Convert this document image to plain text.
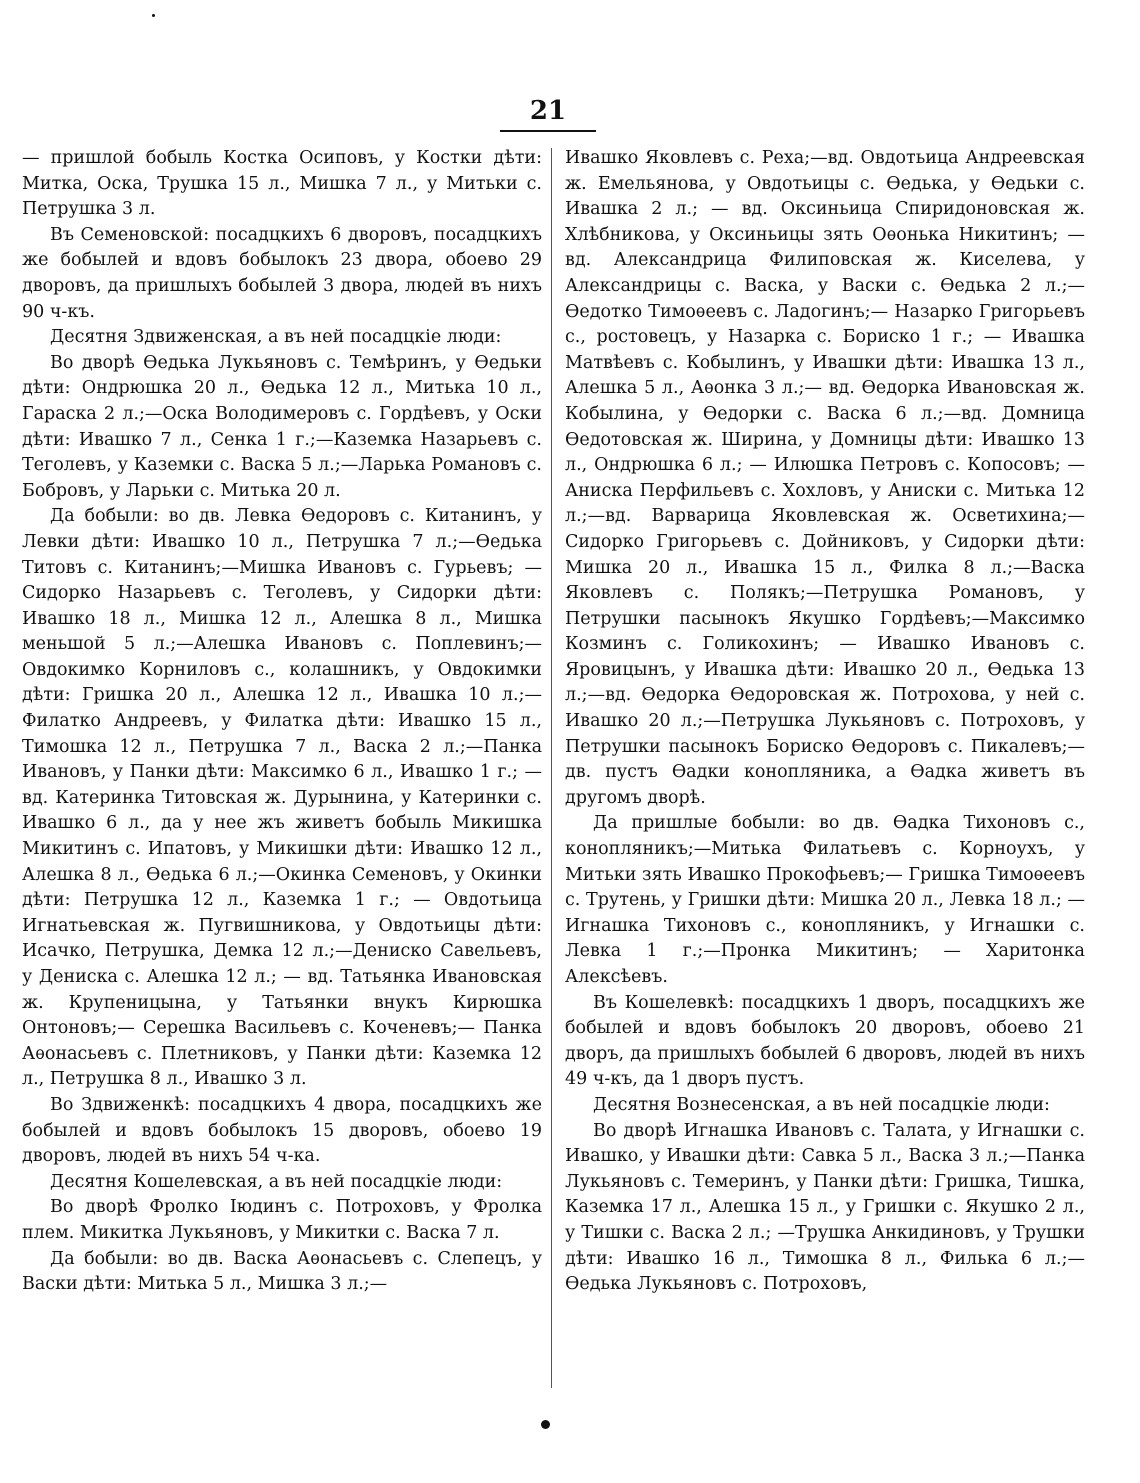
21

— пришлой бобыль Костка Осиповъ, у Костки дѣти: Митка, Оска, Трушка 15 л., Мишка 7 л., у Митьки с. Петрушка 3 л.

Въ Семеновской: посадцкихъ 6 дворовъ, посадцкихъ же бобылей и вдовъ бобылокъ 23 двора, обоево 29 дворовъ, да пришлыхъ бобылей 3 двора, людей въ нихъ 90 ч-къ.

Десятня Здвиженская, а въ ней посадцкіе люди:

Во дворѣ Ѳедька Лукьяновъ с. Темѣринъ, у Ѳедьки дѣти: Ондрюшка 20 л., Ѳедька 12 л., Митька 10 л., Гараска 2 л.;—Оска Володимеровъ с. Гордѣевъ, у Оски дѣти: Ивашко 7 л., Сенка 1 г.;—Каземка Назарьевъ с. Теголевъ, у Каземки с. Васка 5 л.;—Ларька Романовъ с. Бобровъ, у Ларьки с. Митька 20 л.

Да бобыли: во дв. Левка Ѳедоровъ с. Китанинъ, у Левки дѣти: Ивашко 10 л., Петрушка 7 л.;—Ѳедька Титовъ с. Китанинъ;—Мишка Ивановъ с. Гурьевъ; — Сидорко Назарьевъ с. Теголевъ, у Сидорки дѣти: Ивашко 18 л., Мишка 12 л., Алешка 8 л., Мишка меньшой 5 л.;—Алешка Ивановъ с. Поплевинъ;—Овдокимко Корниловъ с., колашникъ, у Овдокимки дѣти: Гришка 20 л., Алешка 12 л., Ивашка 10 л.;—Филатко Андреевъ, у Филатка дѣти: Ивашко 15 л., Тимошка 12 л., Петрушка 7 л., Васка 2 л.;—Панка Ивановъ, у Панки дѣти: Максимко 6 л., Ивашко 1 г.; — вд. Катеринка Титовская ж. Дурынина, у Катеринки с. Ивашко 6 л., да у нее жъ живетъ бобыль Микишка Микитинъ с. Ипатовъ, у Микишки дѣти: Ивашко 12 л., Алешка 8 л., Ѳедька 6 л.;—Окинка Семеновъ, у Окинки дѣти: Петрушка 12 л., Каземка 1 г.; — Овдотьица Игнатьевская ж. Пугвишникова, у Овдотьицы дѣти: Исачко, Петрушка, Демка 12 л.;—Дениско Савельевъ, у Дениска с. Алешка 12 л.; — вд. Татьянка Ивановская ж. Крупеницына, у Татьянки внукъ Кирюшка Онтоновъ;— Серешка Васильевъ с. Коченевъ;— Панка Аѳонасьевъ с. Плетниковъ, у Панки дѣти: Каземка 12 л., Петрушка 8 л., Ивашко 3 л.

Во Здвиженкѣ: посадцкихъ 4 двора, посадцкихъ же бобылей и вдовъ бобылокъ 15 дворовъ, обоево 19 дворовъ, людей въ нихъ 54 ч-ка.

Десятня Кошелевская, а въ ней посадцкіе люди:

Во дворѣ Фролко Іюдинъ с. Потроховъ, у Фролка плем. Микитка Лукьяновъ, у Микитки с. Васка 7 л.

Да бобыли: во дв. Васка Аѳонасьевъ с. Слепецъ, у Васки дѣти: Митька 5 л., Мишка 3 л.;—

Ивашко Яковлевъ с. Реха;—вд. Овдотьица Андреевская ж. Емельянова, у Овдотьицы с. Ѳедька, у Ѳедьки с. Ивашка 2 л.; — вд. Оксиньица Спиридоновская ж. Хлѣбникова, у Оксиньицы зять Оѳонька Никитинъ; — вд. Александрица Филиповская ж. Киселева, у Александрицы с. Васка, у Васки с. Ѳедька 2 л.;—Ѳедотко Тимоѳеевъ с. Ладогинъ;— Назарко Григорьевъ с., ростовецъ, у Назарка с. Бориско 1 г.; — Ивашка Матвѣевъ с. Кобылинъ, у Ивашки дѣти: Ивашка 13 л., Алешка 5 л., Аѳонка 3 л.;— вд. Ѳедорка Ивановская ж. Кобылина, у Ѳедорки с. Васка 6 л.;—вд. Домница Ѳедотовская ж. Ширина, у Домницы дѣти: Ивашко 13 л., Ондрюшка 6 л.; — Илюшка Петровъ с. Копосовъ; — Аниска Перфильевъ с. Хохловъ, у Аниски с. Митька 12 л.;—вд. Варварица Яковлевская ж. Осветихина;—Сидорко Григорьевъ с. Дойниковъ, у Сидорки дѣти: Мишка 20 л., Ивашка 15 л., Филка 8 л.;—Васка Яковлевъ с. Полякъ;—Петрушка Романовъ, у Петрушки пасынокъ Якушко Гордѣевъ;—Максимко Козминъ с. Голикохинъ; — Ивашко Ивановъ с. Яровицынъ, у Ивашка дѣти: Ивашко 20 л., Ѳедька 13 л.;—вд. Ѳедорка Ѳедоровская ж. Потрохова, у ней с. Ивашко 20 л.;—Петрушка Лукьяновъ с. Потроховъ, у Петрушки пасынокъ Бориско Ѳедоровъ с. Пикалевъ;—дв. пустъ Ѳадки конопляника, а Ѳадка живетъ въ другомъ дворѣ.

Да пришлые бобыли: во дв. Ѳадка Тихоновъ с., конопляникъ;—Митька Филатьевъ с. Корноухъ, у Митьки зять Ивашко Прокофьевъ;— Гришка Тимоѳеевъ с. Трутень, у Гришки дѣти: Мишка 20 л., Левка 18 л.; — Игнашка Тихоновъ с., конопляникъ, у Игнашки с. Левка 1 г.;—Пронка Микитинъ; — Харитонка Алексѣевъ.

Въ Кошелевкѣ: посадцкихъ 1 дворъ, посадцкихъ же бобылей и вдовъ бобылокъ 20 дворовъ, обоево 21 дворъ, да пришлыхъ бобылей 6 дворовъ, людей въ нихъ 49 ч-къ, да 1 дворъ пустъ.

Десятня Вознесенская, а въ ней посадцкіе люди:

Во дворѣ Игнашка Ивановъ с. Талата, у Игнашки с. Ивашко, у Ивашки дѣти: Савка 5 л., Васка 3 л.;—Панка Лукьяновъ с. Темеринъ, у Панки дѣти: Гришка, Тишка, Каземка 17 л., Алешка 15 л., у Гришки с. Якушко 2 л., у Тишки с. Васка 2 л.; —Трушка Анкидиновъ, у Трушки дѣти: Ивашко 16 л., Тимошка 8 л., Филька 6 л.;—Ѳедька Лукьяновъ с. Потроховъ,
